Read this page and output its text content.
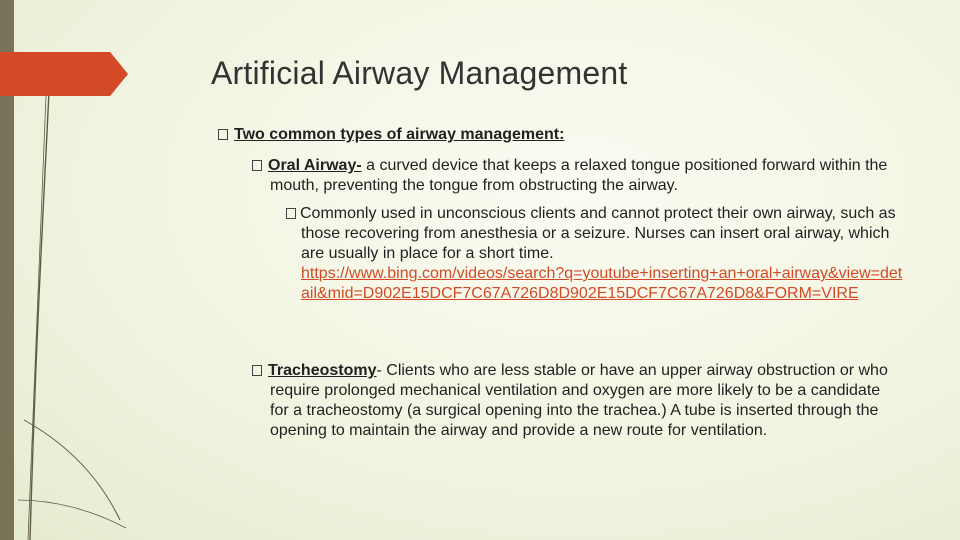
Artificial Airway Management
Two common types of airway management:
Oral Airway- a curved device that keeps a relaxed tongue positioned forward within the mouth, preventing the tongue from obstructing the airway.
Commonly used in unconscious clients and cannot protect their own airway, such as those recovering from anesthesia or a seizure. Nurses can insert oral airway, which are usually in place for a short time.
https://www.bing.com/videos/search?q=youtube+inserting+an+oral+airway&view=detail&mid=D902E15DCF7C67A726D8D902E15DCF7C67A726D8&FORM=VIRE
Tracheostomy- Clients who are less stable or have an upper airway obstruction or who require prolonged mechanical ventilation and oxygen are more likely to be a candidate for a tracheostomy (a surgical opening into the trachea.) A tube is inserted through the opening to maintain the airway and provide a new route for ventilation.
